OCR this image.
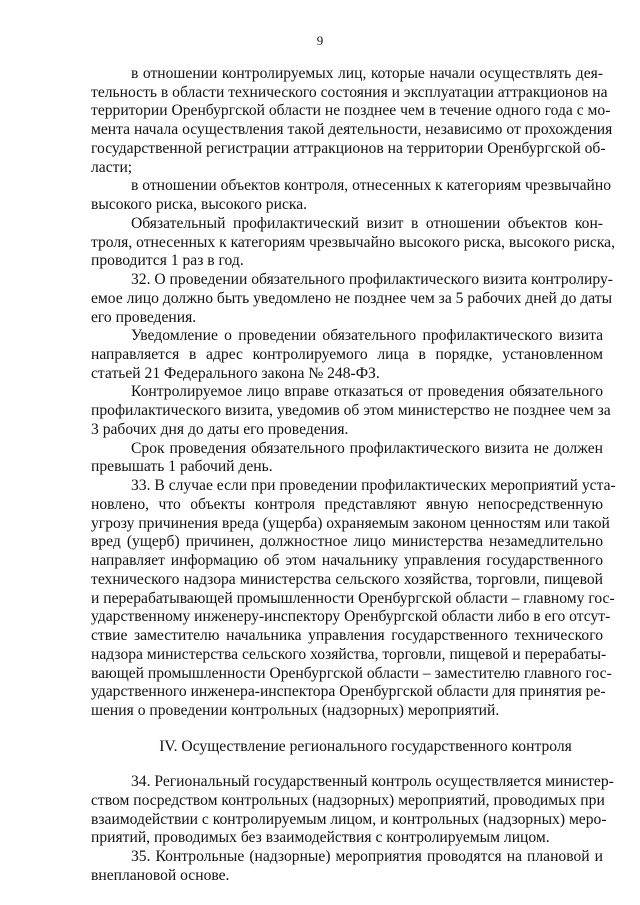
9
в отношении контролируемых лиц, которые начали осуществлять дея-
тельность в области технического состояния и эксплуатации аттракционов на
территории Оренбургской области не позднее чем в течение одного года с мо-
мента начала осуществления такой деятельности, независимо от прохождения
государственной регистрации аттракционов на территории Оренбургской об-
ласти;
в отношении объектов контроля, отнесенных к категориям чрезвычайно
высокого риска, высокого риска.
Обязательный профилактический визит в отношении объектов кон-
троля, отнесенных к категориям чрезвычайно высокого риска, высокого риска,
проводится 1 раз в год.
32. О проведении обязательного профилактического визита контролиру-
емое лицо должно быть уведомлено не позднее чем за 5 рабочих дней до даты
его проведения.
Уведомление о проведении обязательного профилактического визита
направляется в адрес контролируемого лица в порядке, установленном
статьей 21 Федерального закона № 248-ФЗ.
Контролируемое лицо вправе отказаться от проведения обязательного
профилактического визита, уведомив об этом министерство не позднее чем за
3 рабочих дня до даты его проведения.
Срок проведения обязательного профилактического визита не должен
превышать 1 рабочий день.
33. В случае если при проведении профилактических мероприятий уста-
новлено, что объекты контроля представляют явную непосредственную
угрозу причинения вреда (ущерба) охраняемым законом ценностям или такой
вред (ущерб) причинен, должностное лицо министерства незамедлительно
направляет информацию об этом начальнику управления государственного
технического надзора министерства сельского хозяйства, торговли, пищевой
и перерабатывающей промышленности Оренбургской области – главному гос-
ударственному инженеру-инспектору Оренбургской области либо в его отсут-
ствие заместителю начальника управления государственного технического
надзора министерства сельского хозяйства, торговли, пищевой и перерабаты-
вающей промышленности Оренбургской области – заместителю главного гос-
ударственного инженера-инспектора Оренбургской области для принятия ре-
шения о проведении контрольных (надзорных) мероприятий.
IV. Осуществление регионального государственного контроля
34. Региональный государственный контроль осуществляется министер-
ством посредством контрольных (надзорных) мероприятий, проводимых при
взаимодействии с контролируемым лицом, и контрольных (надзорных) меро-
приятий, проводимых без взаимодействия с контролируемым лицом.
35. Контрольные (надзорные) мероприятия проводятся на плановой и
внеплановой основе.
